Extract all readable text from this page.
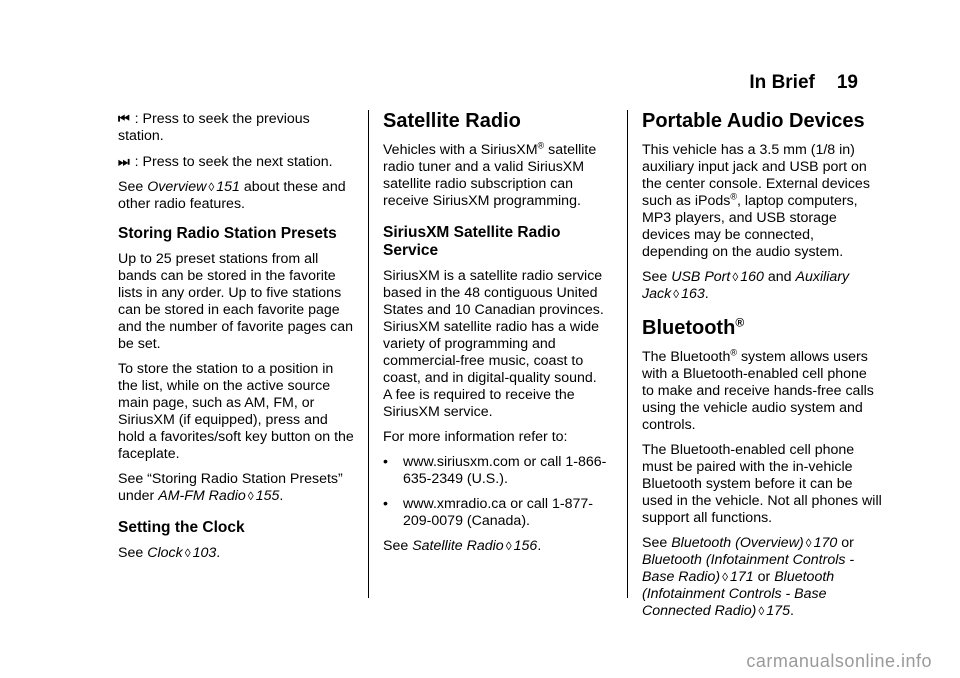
In Brief 19

⏮ : Press to seek the previous station.

⏭ : Press to seek the next station.

See Overview ◊ 151 about these and other radio features.

Storing Radio Station Presets

Up to 25 preset stations from all bands can be stored in the favorite lists in any order. Up to five stations can be stored in each favorite page and the number of favorite pages can be set.

To store the station to a position in the list, while on the active source main page, such as AM, FM, or SiriusXM (if equipped), press and hold a favorites/soft key button on the faceplate.

See “Storing Radio Station Presets” under AM-FM Radio ◊ 155.

Setting the Clock

See Clock ◊ 103.

Satellite Radio

Vehicles with a SiriusXM® satellite radio tuner and a valid SiriusXM satellite radio subscription can receive SiriusXM programming.

SiriusXM Satellite Radio Service

SiriusXM is a satellite radio service based in the 48 contiguous United States and 10 Canadian provinces. SiriusXM satellite radio has a wide variety of programming and commercial-free music, coast to coast, and in digital-quality sound. A fee is required to receive the SiriusXM service.

For more information refer to:

•	www.siriusxm.com or call 1-866-635-2349 (U.S.).
•	www.xmradio.ca or call 1-877-209-0079 (Canada).

See Satellite Radio ◊ 156.

Portable Audio Devices

This vehicle has a 3.5 mm (1/8 in) auxiliary input jack and USB port on the center console. External devices such as iPods®, laptop computers, MP3 players, and USB storage devices may be connected, depending on the audio system.

See USB Port ◊ 160 and Auxiliary Jack ◊ 163.

Bluetooth®

The Bluetooth® system allows users with a Bluetooth-enabled cell phone to make and receive hands-free calls using the vehicle audio system and controls.

The Bluetooth-enabled cell phone must be paired with the in-vehicle Bluetooth system before it can be used in the vehicle. Not all phones will support all functions.

See Bluetooth (Overview) ◊ 170 or Bluetooth (Infotainment Controls - Base Radio) ◊ 171 or Bluetooth (Infotainment Controls - Base Connected Radio) ◊ 175.

carmanualsonline.info
